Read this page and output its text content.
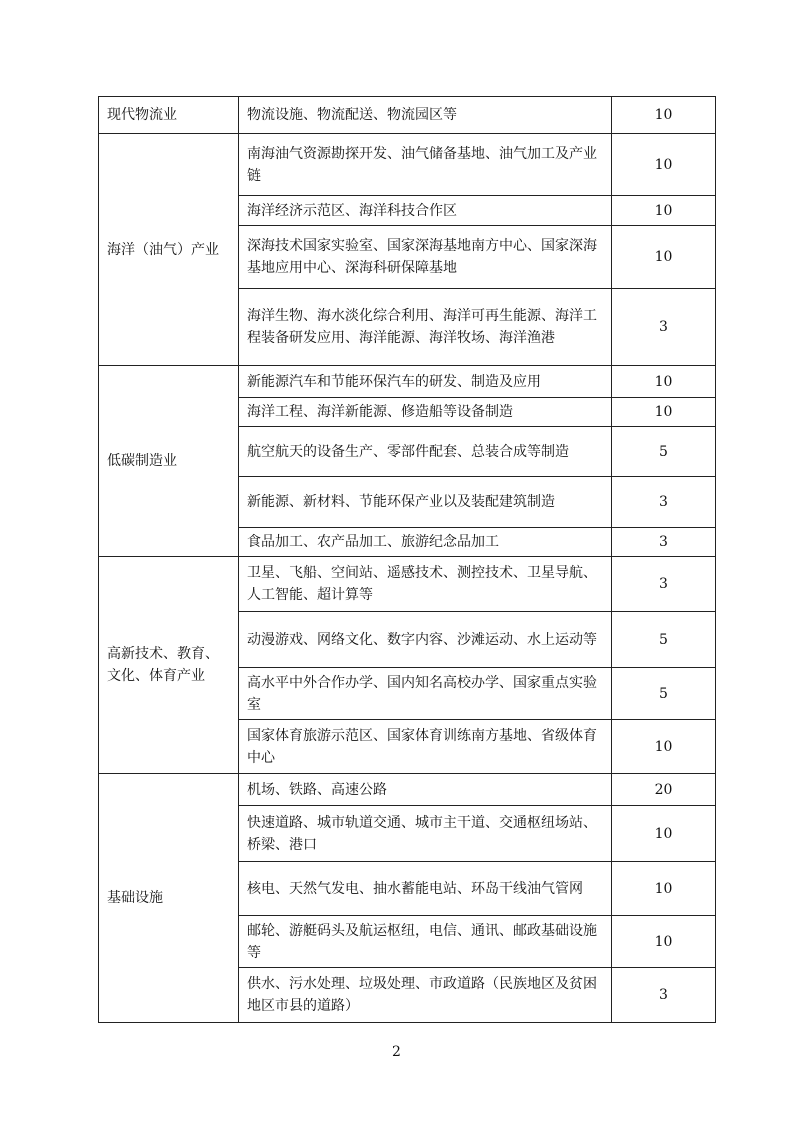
现代物流业	物流设施、物流配送、物流园区等	10
海洋（油气）产业	南海油气资源勘探开发、油气储备基地、油气加工及产业链	10
	海洋经济示范区、海洋科技合作区	10
	深海技术国家实验室、国家深海基地南方中心、国家深海基地应用中心、深海科研保障基地	10
	海洋生物、海水淡化综合利用、海洋可再生能源、海洋工程装备研发应用、海洋能源、海洋牧场、海洋渔港	3
低碳制造业	新能源汽车和节能环保汽车的研发、制造及应用	10
	海洋工程、海洋新能源、修造船等设备制造	10
	航空航天的设备生产、零部件配套、总装合成等制造	5
	新能源、新材料、节能环保产业以及装配建筑制造	3
	食品加工、农产品加工、旅游纪念品加工	3
高新技术、教育、文化、体育产业	卫星、飞船、空间站、遥感技术、测控技术、卫星导航、人工智能、超计算等	3
	动漫游戏、网络文化、数字内容、沙滩运动、水上运动等	5
	高水平中外合作办学、国内知名高校办学、国家重点实验室	5
	国家体育旅游示范区、国家体育训练南方基地、省级体育中心	10
基础设施	机场、铁路、高速公路	20
	快速道路、城市轨道交通、城市主干道、交通枢纽场站、桥梁、港口	10
	核电、天然气发电、抽水蓄能电站、环岛干线油气管网	10
	邮轮、游艇码头及航运枢纽，电信、通讯、邮政基础设施等	10
	供水、污水处理、垃圾处理、市政道路（民族地区及贫困地区市县的道路）	3
2
